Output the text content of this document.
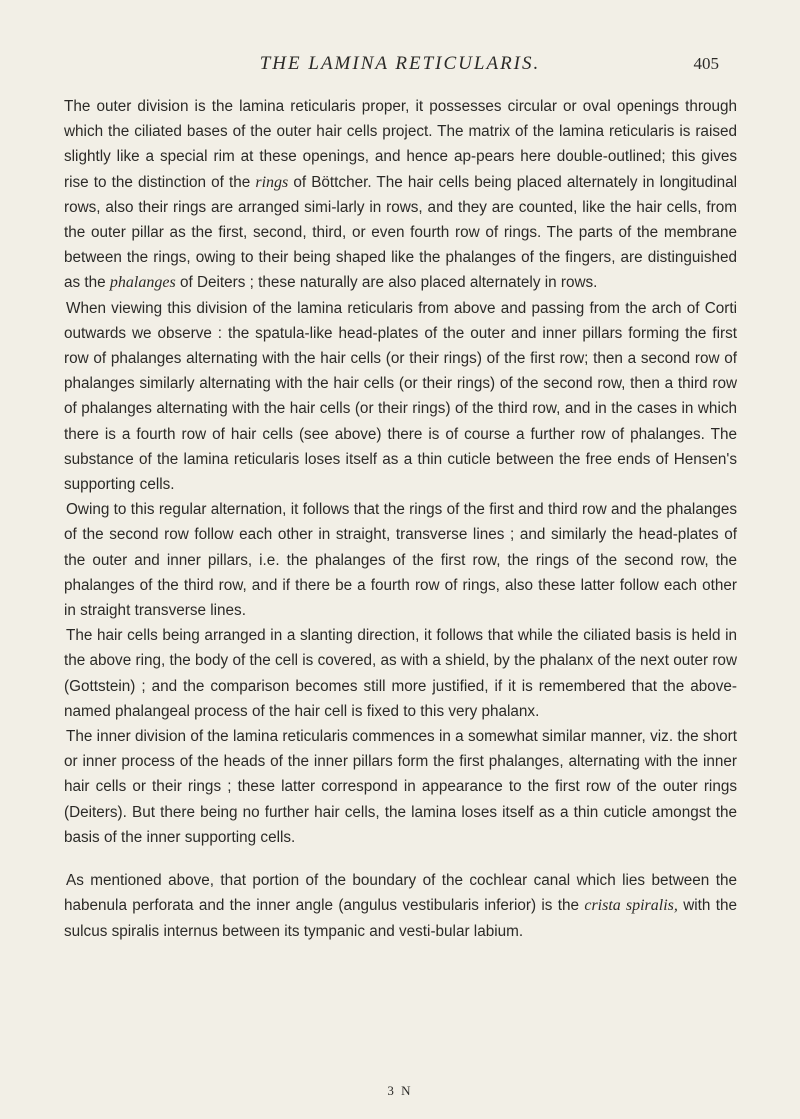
THE LAMINA RETICULARIS.	405

The outer division is the lamina reticularis proper, it possesses circular or oval openings through which the ciliated bases of the outer hair cells project. The matrix of the lamina reticularis is raised slightly like a special rim at these openings, and hence ap-pears here double-outlined; this gives rise to the distinction of the rings of Böttcher. The hair cells being placed alternately in longitudinal rows, also their rings are arranged simi-larly in rows, and they are counted, like the hair cells, from the outer pillar as the first, second, third, or even fourth row of rings. The parts of the membrane between the rings, owing to their being shaped like the phalanges of the fingers, are distinguished as the phalanges of Deiters ; these naturally are also placed alternately in rows.

When viewing this division of the lamina reticularis from above and passing from the arch of Corti outwards we observe : the spatula-like head-plates of the outer and inner pillars forming the first row of phalanges alternating with the hair cells (or their rings) of the first row; then a second row of phalanges similarly alternating with the hair cells (or their rings) of the second row, then a third row of phalanges alternating with the hair cells (or their rings) of the third row, and in the cases in which there is a fourth row of hair cells (see above) there is of course a further row of phalanges. The substance of the lamina reticularis loses itself as a thin cuticle between the free ends of Hensen's supporting cells.

Owing to this regular alternation, it follows that the rings of the first and third row and the phalanges of the second row follow each other in straight, transverse lines ; and similarly the head-plates of the outer and inner pillars, i.e. the phalanges of the first row, the rings of the second row, the phalanges of the third row, and if there be a fourth row of rings, also these latter follow each other in straight transverse lines.

The hair cells being arranged in a slanting direction, it follows that while the ciliated basis is held in the above ring, the body of the cell is covered, as with a shield, by the phalanx of the next outer row (Gottstein) ; and the comparison becomes still more justified, if it is remembered that the above-named phalangeal process of the hair cell is fixed to this very phalanx.

The inner division of the lamina reticularis commences in a somewhat similar manner, viz. the short or inner process of the heads of the inner pillars form the first phalanges, alternating with the inner hair cells or their rings ; these latter correspond in appearance to the first row of the outer rings (Deiters). But there being no further hair cells, the lamina loses itself as a thin cuticle amongst the basis of the inner supporting cells.

As mentioned above, that portion of the boundary of the cochlear canal which lies between the habenula perforata and the inner angle (angulus vestibularis inferior) is the crista spiralis, with the sulcus spiralis internus between its tympanic and vesti-bular labium.

3 N
